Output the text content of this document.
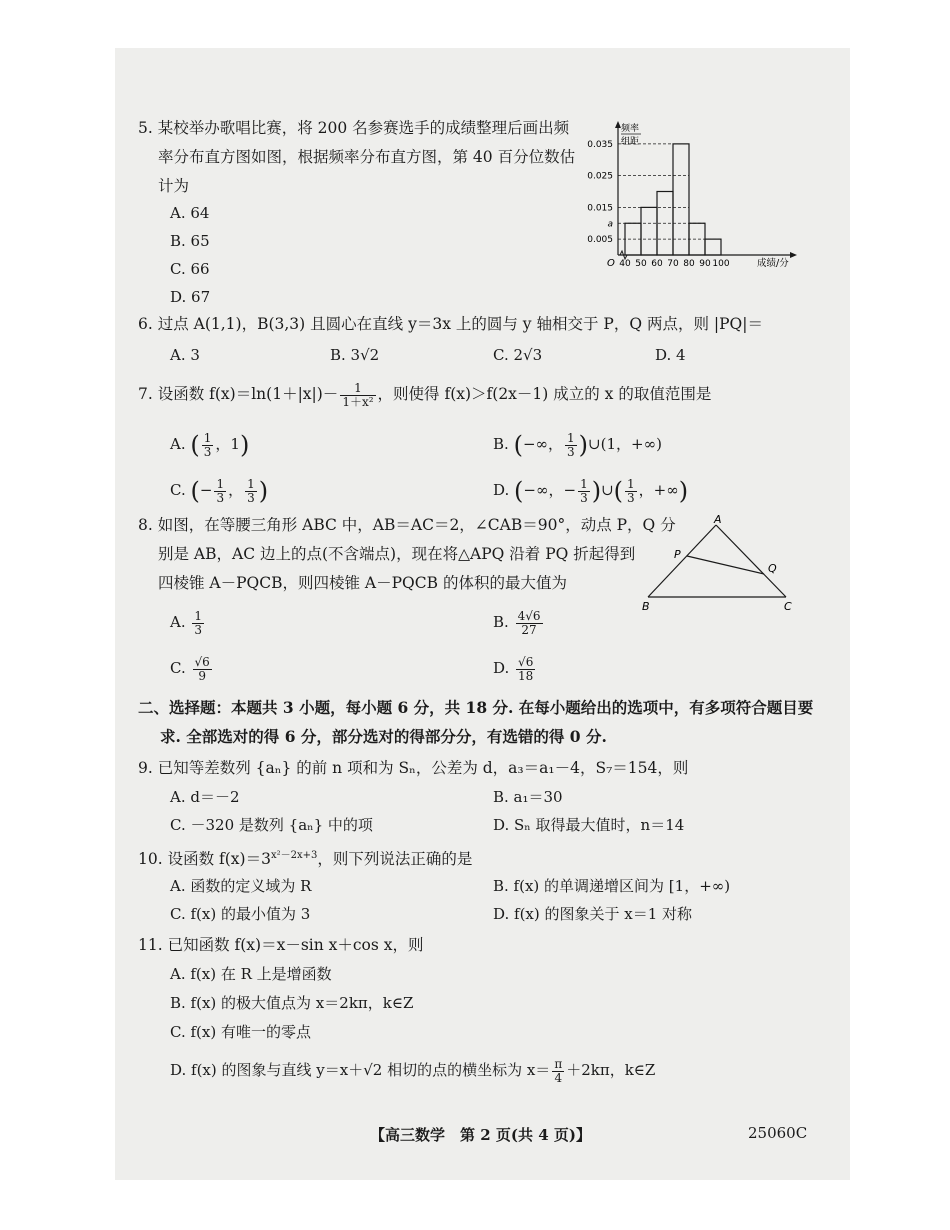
5. 某校举办歌唱比赛，将 200 名参赛选手的成绩整理后画出频
率分布直方图如图，根据频率分布直方图，第 40 百分位数估
计为
A. 64
B. 65
C. 66
D. 67
0.035
0.025
0.015
a
0.005
40 50 60 70 80 90 100
频率
组距
O	成绩/分
6. 过点 A(1,1)，B(3,3) 且圆心在直线 y＝3x 上的圆与 y 轴相交于 P，Q 两点，则 |PQ|＝
A. 3	B. 3√2	C. 2√3	D. 4
7. 设函数 $f(x)=\ln(1+|x|)- \frac{1}{\text{1＋x²}}$ ，则使得 f(x)＞f(2x－1) 成立的 x 的取值范围是
A. ( $\frac{1}{3}$ ，1)	B. (−∞， $\frac{1}{3}$ )∪(1，+∞)
C. (− $\frac{1}{3}$ ， $\frac{1}{3}$ )	D. (−∞，− $\frac{1}{3}$ )∪( $\frac{1}{3}$ ，+∞)
8. 如图，在等腰三角形 ABC 中，AB＝AC＝2，∠CAB＝90°，动点 P，Q 分
别是 AB，AC 边上的点(不含端点)，现在将△APQ 沿着 PQ 折起得到
四棱锥 A－PQCB，则四棱锥 A－PQCB 的体积的最大值为
A
B	C
P
Q
A. $\frac{1}{3}$	B. $\frac{4√6}{27}$
C. $\frac{√6}{9}$	D. $\frac{√6}{18}$
二、选择题：本题共 3 小题，每小题 6 分，共 18 分. 在每小题给出的选项中，有多项符合题目要
求. 全部选对的得 6 分，部分选对的得部分分，有选错的得 0 分.
9. 已知等差数列 {aₙ} 的前 n 项和为 Sₙ，公差为 d，a₃＝a₁－4，S₇＝154，则
A. d＝－2	B. a₁＝30
C. －320 是数列 {aₙ} 中的项	D. Sₙ 取得最大值时，n＝14
10. 设函数 $f(x)=3^{x^2-2x+3}$，则下列说法正确的是
A. 函数的定义域为 R	B. f(x) 的单调递增区间为 [1，+∞)
C. f(x) 的最小值为 3	D. f(x) 的图象关于 x＝1 对称
11. 已知函数 f(x)＝x－sin x＋cos x，则
A. f(x) 在 R 上是增函数
B. f(x) 的极大值点为 x＝2kπ，k∈Z
C. f(x) 有唯一的零点
D. f(x) 的图象与直线 y＝x＋√2 相切的点的横坐标为 $x= \frac{\pi}{4} +2k\pi$，k∈Z
【高三数学　第 2 页(共 4 页)】	25060C
